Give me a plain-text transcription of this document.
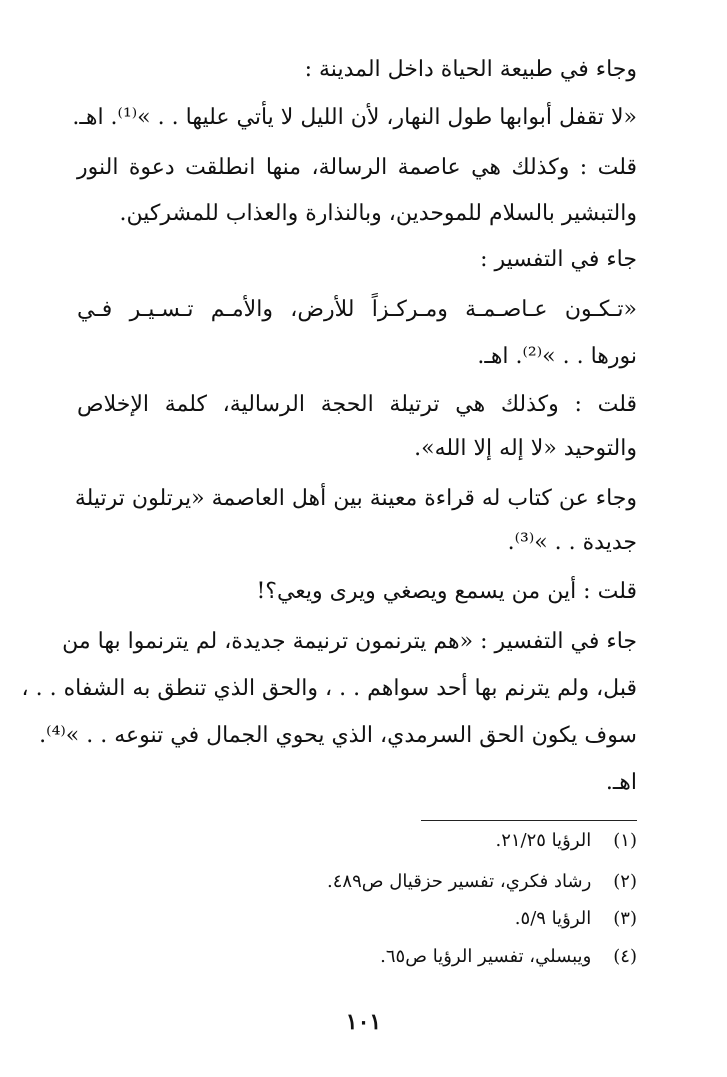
وجاء في طبيعة الحياة داخل المدينة :
«لا تقفل أبوابها طول النهار، لأن الليل لا يأتي عليها . . »⁽¹⁾. اهـ.
قلت : وكذلك هي عاصمة الرسالة، منها انطلقت دعوة النور
والتبشير بالسلام للموحدين، وبالنذارة والعذاب للمشركين.
جاء في التفسير :
«تـكـون عـاصـمـة ومـركـزاً للأرض، والأمـم تـسـيـر فـي
نورها . . »⁽²⁾. اهـ.
قلت : وكذلك هي ترتيلة الحجة الرسالية، كلمة الإخلاص
والتوحيد «لا إله إلا الله».
وجاء عن كتاب له قراءة معينة بين أهل العاصمة «يرتلون ترتيلة
جديدة . . »⁽³⁾.
قلت : أين من يسمع ويصغي ويرى ويعي؟!
جاء في التفسير : «هم يترنمون ترنيمة جديدة، لم يترنموا بها من
قبل، ولم يترنم بها أحد سواهم . . ، والحق الذي تنطق به الشفاه . . ،
سوف يكون الحق السرمدي، الذي يحوي الجمال في تنوعه . . »⁽⁴⁾.
اهـ.
(١) الرؤيا ٢١/٢٥.
(٢) رشاد فكري، تفسير حزقيال ص٤٨٩.
(٣) الرؤيا ٥/٩.
(٤) ويبسلي، تفسير الرؤيا ص٦٥.
١٠١
